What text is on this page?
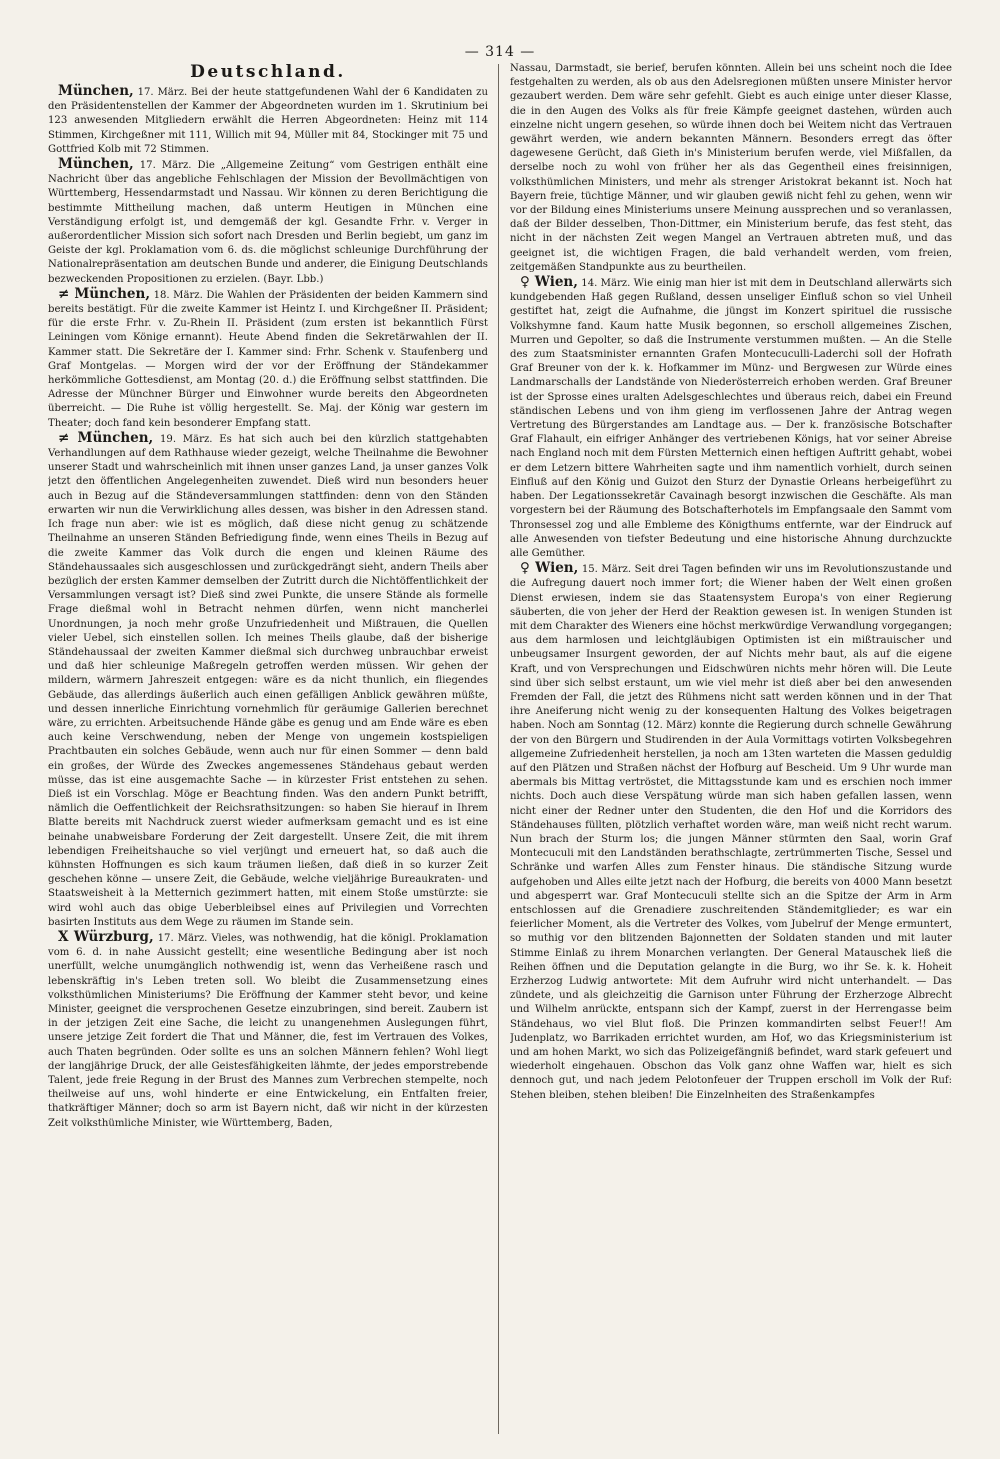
— 314 —
Deutschland.

München, 17. März. Bei der heute stattgefundenen Wahl der 6 Kandidaten zu den Präsidentenstellen der Kammer der Abgeordneten wurden im 1. Skrutinium bei 123 anwesenden Mitgliedern erwählt die Herren Abgeordneten: Heinz mit 114 Stimmen, Kirchgeßner mit 111, Willich mit 94, Müller mit 84, Stockinger mit 75 und Gottfried Kolb mit 72 Stimmen.

München, 17. März. Die „Allgemeine Zeitung“ vom Gestrigen enthält eine Nachricht über das angebliche Fehlschlagen der Mission der Bevollmächtigen von Württemberg, Hessendarmstadt und Nassau. Wir können zu deren Berichtigung die bestimmte Mittheilung machen, daß unterm Heutigen in München eine Verständigung erfolgt ist, und demgemäß der kgl. Gesandte Frhr. v. Verger in außerordentlicher Mission sich sofort nach Dresden und Berlin begiebt, um ganz im Geiste der kgl. Proklamation vom 6. ds. die möglichst schleunige Durchführung der Nationalrepräsentation am deutschen Bunde und anderer, die Einigung Deutschlands bezweckenden Propositionen zu erzielen. (Bayr. Lbb.)

≠ München, 18. März. Die Wahlen der Präsidenten der beiden Kammern sind bereits bestätigt. Für die zweite Kammer ist Heintz I. und Kirchgeßner II. Präsident; für die erste Frhr. v. Zu-Rhein II. Präsident (zum ersten ist bekanntlich Fürst Leiningen vom Könige ernannt). Heute Abend finden die Sekretärwahlen der II. Kammer statt. Die Sekretäre der I. Kammer sind: Frhr. Schenk v. Staufenberg und Graf Montgelas. — Morgen wird der vor der Eröffnung der Ständekammer herkömmliche Gottesdienst, am Montag (20. d.) die Eröffnung selbst stattfinden. Die Adresse der Münchner Bürger und Einwohner wurde bereits den Abgeordneten überreicht. — Die Ruhe ist völlig hergestellt. Se. Maj. der König war gestern im Theater; doch fand kein besonderer Empfang statt.

≠ München, 19. März. Es hat sich auch bei den kürzlich stattgehabten Verhandlungen auf dem Rathhause wieder gezeigt, welche Theilnahme die Bewohner unserer Stadt und wahrscheinlich mit ihnen unser ganzes Land, ja unser ganzes Volk jetzt den öffentlichen Angelegenheiten zuwendet. Dieß wird nun besonders heuer auch in Bezug auf die Ständeversammlungen stattfinden: denn von den Ständen erwarten wir nun die Verwirklichung alles dessen, was bisher in den Adressen stand. Ich frage nun aber: wie ist es möglich, daß diese nicht genug zu schätzende Theilnahme an unseren Ständen Befriedigung finde, wenn eines Theils in Bezug auf die zweite Kammer das Volk durch die engen und kleinen Räume des Ständehaussaales sich ausgeschlossen und zurückgedrängt sieht, andern Theils aber bezüglich der ersten Kammer demselben der Zutritt durch die Nichtöffentlichkeit der Versammlungen versagt ist? Dieß sind zwei Punkte, die unsere Stände als formelle Frage dießmal wohl in Betracht nehmen dürfen, wenn nicht mancherlei Unordnungen, ja noch mehr große Unzufriedenheit und Mißtrauen, die Quellen vieler Uebel, sich einstellen sollen. Ich meines Theils glaube, daß der bisherige Ständehaussaal der zweiten Kammer dießmal sich durchweg unbrauchbar erweist und daß hier schleunige Maßregeln getroffen werden müssen. Wir gehen der mildern, wärmern Jahreszeit entgegen: wäre es da nicht thunlich, ein fliegendes Gebäude, das allerdings äußerlich auch einen gefälligen Anblick gewähren müßte, und dessen innerliche Einrichtung vornehmlich für geräumige Gallerien berechnet wäre, zu errichten. Arbeitsuchende Hände gäbe es genug und am Ende wäre es eben auch keine Verschwendung, neben der Menge von ungemein kostspieligen Prachtbauten ein solches Gebäude, wenn auch nur für einen Sommer — denn bald ein großes, der Würde des Zweckes angemessenes Ständehaus gebaut werden müsse, das ist eine ausgemachte Sache — in kürzester Frist entstehen zu sehen. Dieß ist ein Vorschlag. Möge er Beachtung finden. Was den andern Punkt betrifft, nämlich die Oeffentlichkeit der Reichsrathsitzungen: so haben Sie hierauf in Ihrem Blatte bereits mit Nachdruck zuerst wieder aufmerksam gemacht und es ist eine beinahe unabweisbare Forderung der Zeit dargestellt. Unsere Zeit, die mit ihrem lebendigen Freiheitshauche so viel verjüngt und erneuert hat, so daß auch die kühnsten Hoffnungen es sich kaum träumen ließen, daß dieß in so kurzer Zeit geschehen könne — unsere Zeit, die Gebäude, welche vieljährige Bureaukraten- und Staatsweisheit à la Metternich gezimmert hatten, mit einem Stoße umstürzte: sie wird wohl auch das obige Ueberbleibsel eines auf Privilegien und Vorrechten basirten Instituts aus dem Wege zu räumen im Stande sein.

X Würzburg, 17. März. Vieles, was nothwendig, hat die königl. Proklamation vom 6. d. in nahe Aussicht gestellt; eine wesentliche Bedingung aber ist noch unerfüllt, welche unumgänglich nothwendig ist, wenn das Verheißene rasch und lebenskräftig in's Leben treten soll. Wo bleibt die Zusammensetzung eines volksthümlichen Ministeriums? Die Eröffnung der Kammer steht bevor, und keine Minister, geeignet die versprochenen Gesetze einzubringen, sind bereit. Zaubern ist in der jetzigen Zeit eine Sache, die leicht zu unangenehmen Auslegungen führt, unsere jetzige Zeit fordert die That und Männer, die, fest im Vertrauen des Volkes, auch Thaten begründen. Oder sollte es uns an solchen Männern fehlen? Wohl liegt der langjährige Druck, der alle Geistesfähigkeiten lähmte, der jedes emporstrebende Talent, jede freie Regung in der Brust des Mannes zum Verbrechen stempelte, noch theilweise auf uns, wohl hinderte er eine Entwickelung, ein Entfalten freier, thatkräftiger Männer; doch so arm ist Bayern nicht, daß wir nicht in der kürzesten Zeit volksthümliche Minister, wie Württemberg, Baden,

Nassau, Darmstadt, sie berief, berufen könnten. Allein bei uns scheint noch die Idee festgehalten zu werden, als ob aus den Adelsregionen müßten unsere Minister hervor gezaubert werden. Dem wäre sehr gefehlt. Giebt es auch einige unter dieser Klasse, die in den Augen des Volks als für freie Kämpfe geeignet dastehen, würden auch einzelne nicht ungern gesehen, so würde ihnen doch bei Weitem nicht das Vertrauen gewährt werden, wie andern bekannten Männern. Besonders erregt das öfter dagewesene Gerücht, daß Gieth in's Ministerium berufen werde, viel Mißfallen, da derselbe noch zu wohl von früher her als das Gegentheil eines freisinnigen, volksthümlichen Ministers, und mehr als strenger Aristokrat bekannt ist. Noch hat Bayern freie, tüchtige Männer, und wir glauben gewiß nicht fehl zu gehen, wenn wir vor der Bildung eines Ministeriums unsere Meinung aussprechen und so veranlassen, daß der Bilder desselben, Thon-Dittmer, ein Ministerium berufe, das fest steht, das nicht in der nächsten Zeit wegen Mangel an Vertrauen abtreten muß, und das geeignet ist, die wichtigen Fragen, die bald verhandelt werden, vom freien, zeitgemäßen Standpunkte aus zu beurtheilen.

♀ Wien, 14. März. Wie einig man hier ist mit dem in Deutschland allerwärts sich kundgebenden Haß gegen Rußland, dessen unseliger Einfluß schon so viel Unheil gestiftet hat, zeigt die Aufnahme, die jüngst im Konzert spirituel die russische Volkshymne fand. Kaum hatte Musik begonnen, so erscholl allgemeines Zischen, Murren und Gepolter, so daß die Instrumente verstummen mußten. — An die Stelle des zum Staatsminister ernannten Grafen Montecuculli-Laderchi soll der Hofrath Graf Breuner von der k. k. Hofkammer im Münz- und Bergwesen zur Würde eines Landmarschalls der Landstände von Niederösterreich erhoben werden. Graf Breuner ist der Sprosse eines uralten Adelsgeschlechtes und überaus reich, dabei ein Freund ständischen Lebens und von ihm gieng im verflossenen Jahre der Antrag wegen Vertretung des Bürgerstandes am Landtage aus. — Der k. französische Botschafter Graf Flahault, ein eifriger Anhänger des vertriebenen Königs, hat vor seiner Abreise nach England noch mit dem Fürsten Metternich einen heftigen Auftritt gehabt, wobei er dem Letzern bittere Wahrheiten sagte und ihm namentlich vorhielt, durch seinen Einfluß auf den König und Guizot den Sturz der Dynastie Orleans herbeigeführt zu haben. Der Legationssekretär Cavainagh besorgt inzwischen die Geschäfte. Als man vorgestern bei der Räumung des Botschafterhotels im Empfangsaale den Sammt vom Thronsessel zog und alle Embleme des Königthums entfernte, war der Eindruck auf alle Anwesenden von tiefster Bedeutung und eine historische Ahnung durchzuckte alle Gemüther.

♀ Wien, 15. März. Seit drei Tagen befinden wir uns im Revolutionszustande und die Aufregung dauert noch immer fort; die Wiener haben der Welt einen großen Dienst erwiesen, indem sie das Staatensystem Europa's von einer Regierung säuberten, die von jeher der Herd der Reaktion gewesen ist. In wenigen Stunden ist mit dem Charakter des Wieners eine höchst merkwürdige Verwandlung vorgegangen; aus dem harmlosen und leichtgläubigen Optimisten ist ein mißtrauischer und unbeugsamer Insurgent geworden, der auf Nichts mehr baut, als auf die eigene Kraft, und von Versprechungen und Eidschwüren nichts mehr hören will. Die Leute sind über sich selbst erstaunt, um wie viel mehr ist dieß aber bei den anwesenden Fremden der Fall, die jetzt des Rühmens nicht satt werden können und in der That ihre Aneiferung nicht wenig zu der konsequenten Haltung des Volkes beigetragen haben. Noch am Sonntag (12. März) konnte die Regierung durch schnelle Gewährung der von den Bürgern und Studirenden in der Aula Vormittags votirten Volksbegehren allgemeine Zufriedenheit herstellen, ja noch am 13ten warteten die Massen geduldig auf den Plätzen und Straßen nächst der Hofburg auf Bescheid. Um 9 Uhr wurde man abermals bis Mittag vertröstet, die Mittagsstunde kam und es erschien noch immer nichts. Doch auch diese Verspätung würde man sich haben gefallen lassen, wenn nicht einer der Redner unter den Studenten, die den Hof und die Korridors des Ständehauses füllten, plötzlich verhaftet worden wäre, man weiß nicht recht warum. Nun brach der Sturm los; die jungen Männer stürmten den Saal, worin Graf Montecuculi mit den Landständen berathschlagte, zertrümmerten Tische, Sessel und Schränke und warfen Alles zum Fenster hinaus. Die ständische Sitzung wurde aufgehoben und Alles eilte jetzt nach der Hofburg, die bereits von 4000 Mann besetzt und abgesperrt war. Graf Montecuculi stellte sich an die Spitze der Arm in Arm entschlossen auf die Grenadiere zuschreitenden Ständemitglieder; es war ein feierlicher Moment, als die Vertreter des Volkes, vom Jubelruf der Menge ermuntert, so muthig vor den blitzenden Bajonnetten der Soldaten standen und mit lauter Stimme Einlaß zu ihrem Monarchen verlangten. Der General Matauschek ließ die Reihen öffnen und die Deputation gelangte in die Burg, wo ihr Se. k. k. Hoheit Erzherzog Ludwig antwortete: Mit dem Aufruhr wird nicht unterhandelt. — Das zündete, und als gleichzeitig die Garnison unter Führung der Erzherzoge Albrecht und Wilhelm anrückte, entspann sich der Kampf, zuerst in der Herrengasse beim Ständehaus, wo viel Blut floß. Die Prinzen kommandirten selbst Feuer!! Am Judenplatz, wo Barrikaden errichtet wurden, am Hof, wo das Kriegsministerium ist und am hohen Markt, wo sich das Polizeigefängniß befindet, ward stark gefeuert und wiederholt eingehauen. Obschon das Volk ganz ohne Waffen war, hielt es sich dennoch gut, und nach jedem Pelotonfeuer der Truppen erscholl im Volk der Ruf: Stehen bleiben, stehen bleiben! Die Einzelnheiten des Straßenkampfes
